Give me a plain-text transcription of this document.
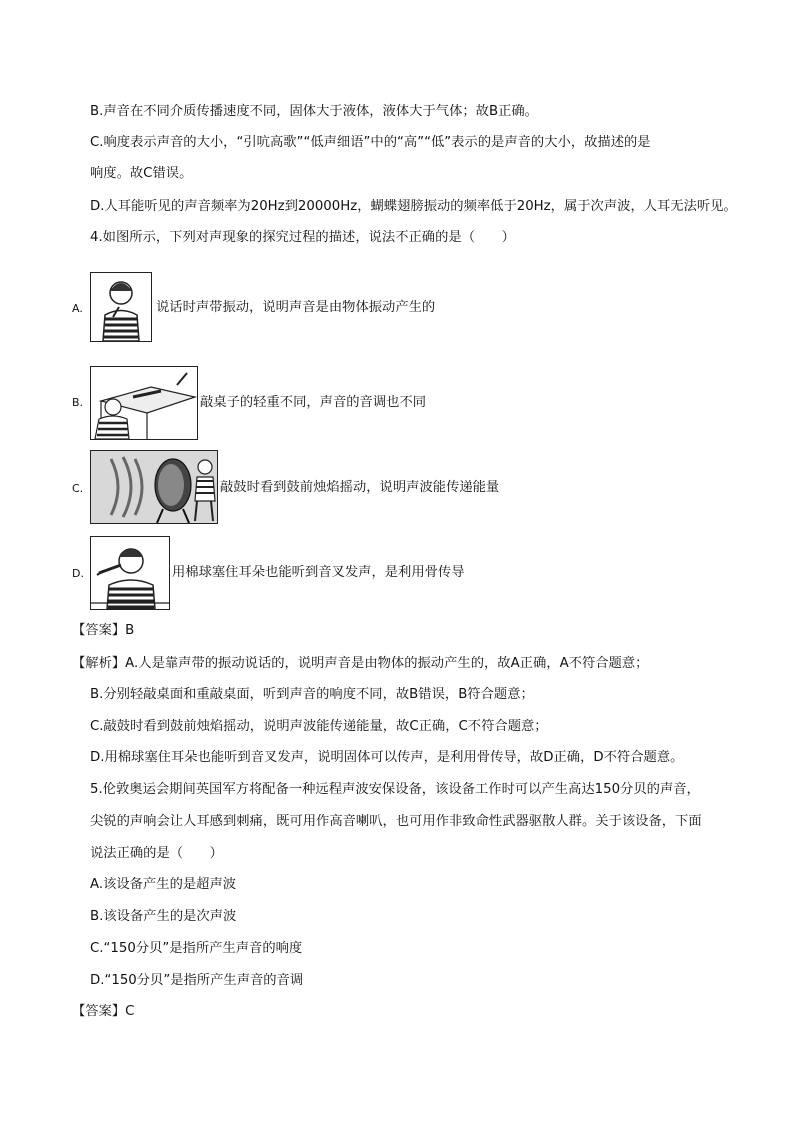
B.声音在不同介质传播速度不同，固体大于液体，液体大于气体；故B正确。
C.响度表示声音的大小，“引吭高歌”“低声细语”中的“高”“低”表示的是声音的大小，故描述的是
响度。故C错误。
D.人耳能听见的声音频率为20Hz到20000Hz，蝴蝶翅膀振动的频率低于20Hz，属于次声波，人耳无法听见。
4.如图所示，下列对声现象的探究过程的描述，说法不正确的是（　　）
A.	说话时声带振动，说明声音是由物体振动产生的
B.	敲桌子的轻重不同，声音的音调也不同
C.	敲鼓时看到鼓前烛焰摇动，说明声波能传递能量
D.	用棉球塞住耳朵也能听到音叉发声，是利用骨传导
【答案】B
【解析】A.人是靠声带的振动说话的，说明声音是由物体的振动产生的，故A正确，A不符合题意；
B.分别轻敲桌面和重敲桌面，听到声音的响度不同，故B错误，B符合题意；
C.敲鼓时看到鼓前烛焰摇动，说明声波能传递能量，故C正确，C不符合题意；
D.用棉球塞住耳朵也能听到音叉发声，说明固体可以传声，是利用骨传导，故D正确，D不符合题意。
5.伦敦奥运会期间英国军方将配备一种远程声波安保设备，该设备工作时可以产生高达150分贝的声音，
尖锐的声响会让人耳感到刺痛，既可用作高音喇叭，也可用作非致命性武器驱散人群。关于该设备，下面
说法正确的是（　　）
A.该设备产生的是超声波
B.该设备产生的是次声波
C.“150分贝”是指所产生声音的响度
D.“150分贝”是指所产生声音的音调
【答案】C
